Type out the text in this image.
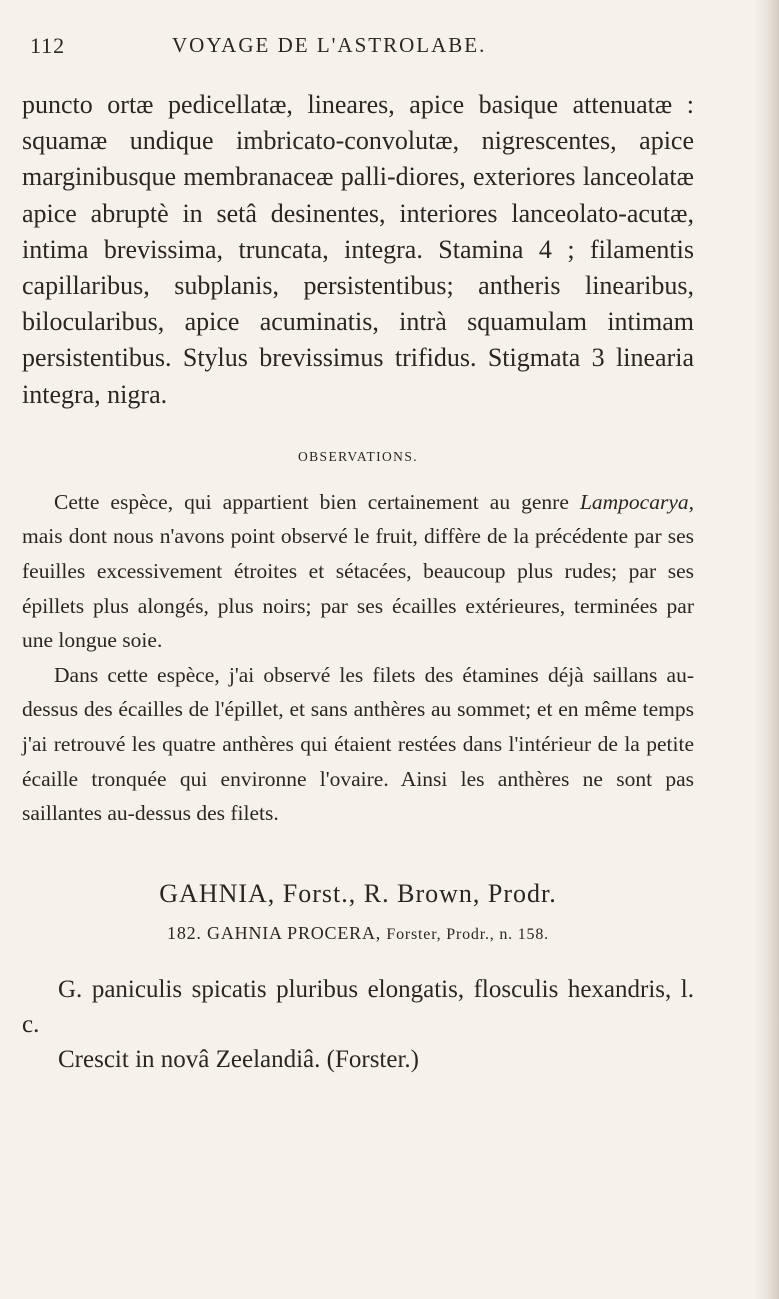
112	VOYAGE DE L'ASTROLABE.

puncto ortæ pedicellatæ, lineares, apice basique attenuatæ : squamæ undique imbricato-convolutæ, nigrescentes, apice marginibusque membranaceæ palli-diores, exteriores lanceolatæ apice abruptè in setâ desinentes, interiores lanceolato-acutæ, intima brevissima, truncata, integra. Stamina 4 ; filamentis capillaribus, subplanis, persistentibus; antheris linearibus, bilocularibus, apice acuminatis, intrà squamulam intimam persistentibus. Stylus brevissimus trifidus. Stigmata 3 linearia integra, nigra.

OBSERVATIONS.

Cette espèce, qui appartient bien certainement au genre Lampocarya, mais dont nous n'avons point observé le fruit, diffère de la précédente par ses feuilles excessivement étroites et sétacées, beaucoup plus rudes; par ses épillets plus alongés, plus noirs; par ses écailles extérieures, terminées par une longue soie.

Dans cette espèce, j'ai observé les filets des étamines déjà saillans au-dessus des écailles de l'épillet, et sans anthères au sommet; et en même temps j'ai retrouvé les quatre anthères qui étaient restées dans l'intérieur de la petite écaille tronquée qui environne l'ovaire. Ainsi les anthères ne sont pas saillantes au-dessus des filets.

GAHNIA, Forst., R. Brown, Prodr.
182. GAHNIA PROCERA, Forster, Prodr., n. 158.

G. paniculis spicatis pluribus elongatis, flosculis hexandris, l. c.

Crescit in novâ Zeelandiâ. (Forster.)
